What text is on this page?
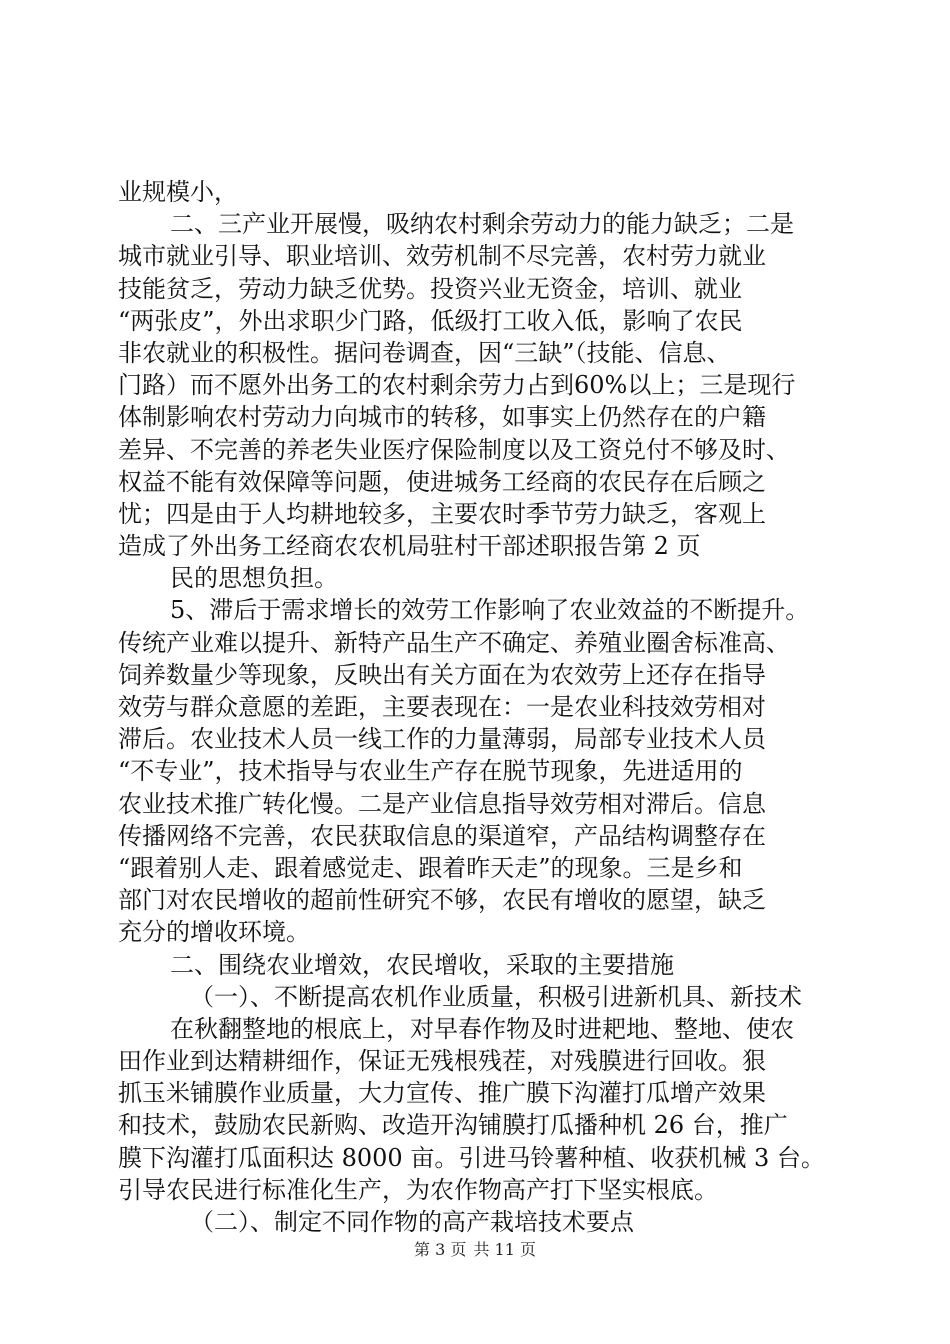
业规模小，
二、三产业开展慢，吸纳农村剩余劳动力的能力缺乏；二是
城市就业引导、职业培训、效劳机制不尽完善，农村劳力就业
技能贫乏，劳动力缺乏优势。投资兴业无资金，培训、就业
“两张皮”，外出求职少门路，低级打工收入低，影响了农民
非农就业的积极性。据问卷调查，因“三缺”（技能、信息、
门路）而不愿外出务工的农村剩余劳力占到60%以上；三是现行
体制影响农村劳动力向城市的转移，如事实上仍然存在的户籍
差异、不完善的养老失业医疗保险制度以及工资兑付不够及时、
权益不能有效保障等问题，使进城务工经商的农民存在后顾之
忧；四是由于人均耕地较多，主要农时季节劳力缺乏，客观上
造成了外出务工经商农农机局驻村干部述职报告第 2 页
民的思想负担。
5、滞后于需求增长的效劳工作影响了农业效益的不断提升。
传统产业难以提升、新特产品生产不确定、养殖业圈舍标准高、
饲养数量少等现象，反映出有关方面在为农效劳上还存在指导
效劳与群众意愿的差距，主要表现在：一是农业科技效劳相对
滞后。农业技术人员一线工作的力量薄弱，局部专业技术人员
“不专业”，技术指导与农业生产存在脱节现象，先进适用的
农业技术推广转化慢。二是产业信息指导效劳相对滞后。信息
传播网络不完善，农民获取信息的渠道窄，产品结构调整存在
“跟着别人走、跟着感觉走、跟着昨天走”的现象。三是乡和
部门对农民增收的超前性研究不够，农民有增收的愿望，缺乏
充分的增收环境。
二、围绕农业增效，农民增收，采取的主要措施
（一）、不断提高农机作业质量，积极引进新机具、新技术
在秋翻整地的根底上，对早春作物及时进耙地、整地、使农
田作业到达精耕细作，保证无残根残茬，对残膜进行回收。狠
抓玉米铺膜作业质量，大力宣传、推广膜下沟灌打瓜增产效果
和技术，鼓励农民新购、改造开沟铺膜打瓜播种机 26 台，推广
膜下沟灌打瓜面积达 8000 亩。引进马铃薯种植、收获机械 3 台。
引导农民进行标准化生产，为农作物高产打下坚实根底。
（二）、制定不同作物的高产栽培技术要点
第 3 页 共 11 页
